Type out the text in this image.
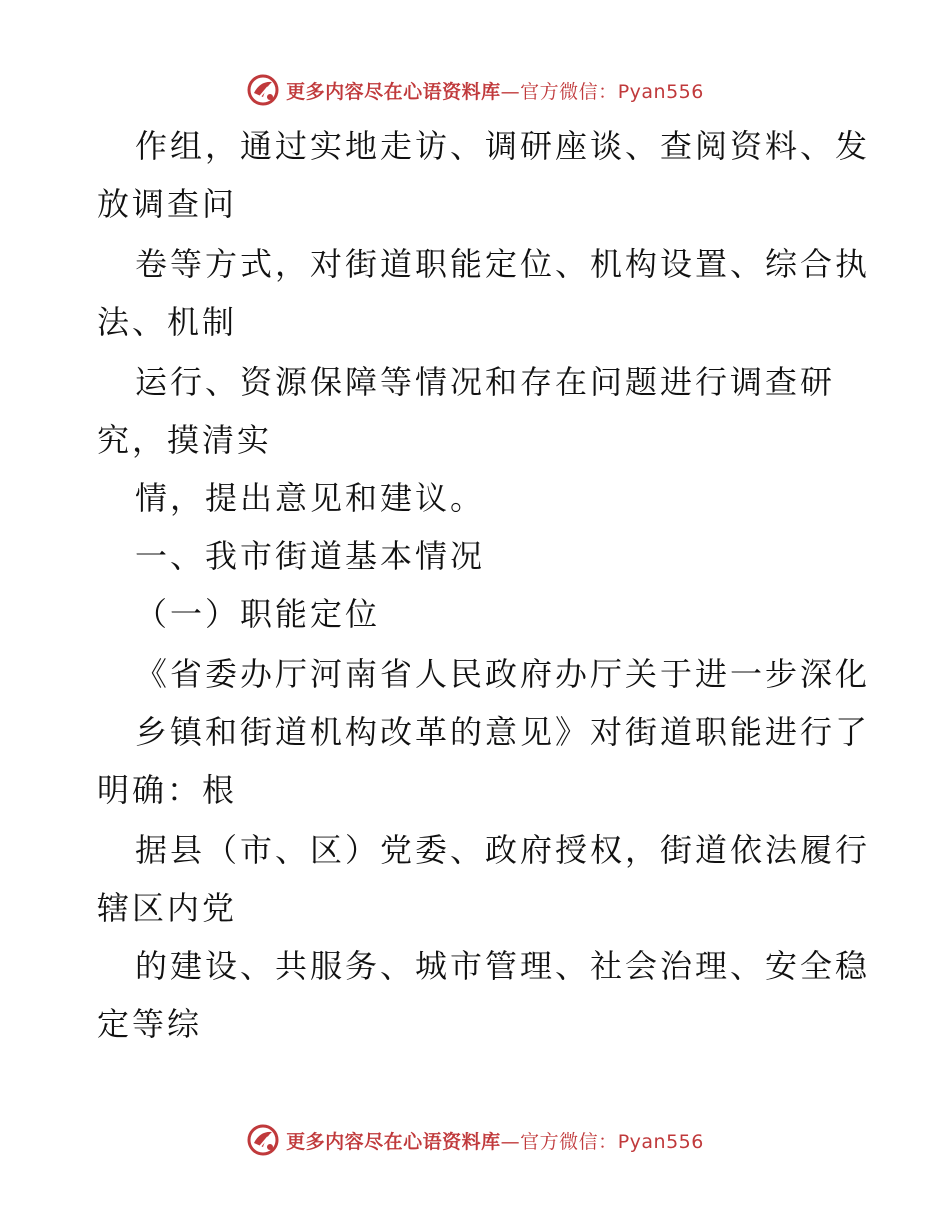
更多内容尽在心语资料库—官方微信：Pyan556
作组，通过实地走访、调研座谈、查阅资料、发
放调查问
卷等方式，对街道职能定位、机构设置、综合执
法、机制
运行、资源保障等情况和存在问题进行调查研
究，摸清实
情，提出意见和建议。
一、我市街道基本情况
（一）职能定位
《省委办厅河南省人民政府办厅关于进一步深化
乡镇和街道机构改革的意见》对街道职能进行了
明确：根
据县（市、区）党委、政府授权，街道依法履行
辖区内党
的建设、共服务、城市管理、社会治理、安全稳
定等综
更多内容尽在心语资料库—官方微信：Pyan556
